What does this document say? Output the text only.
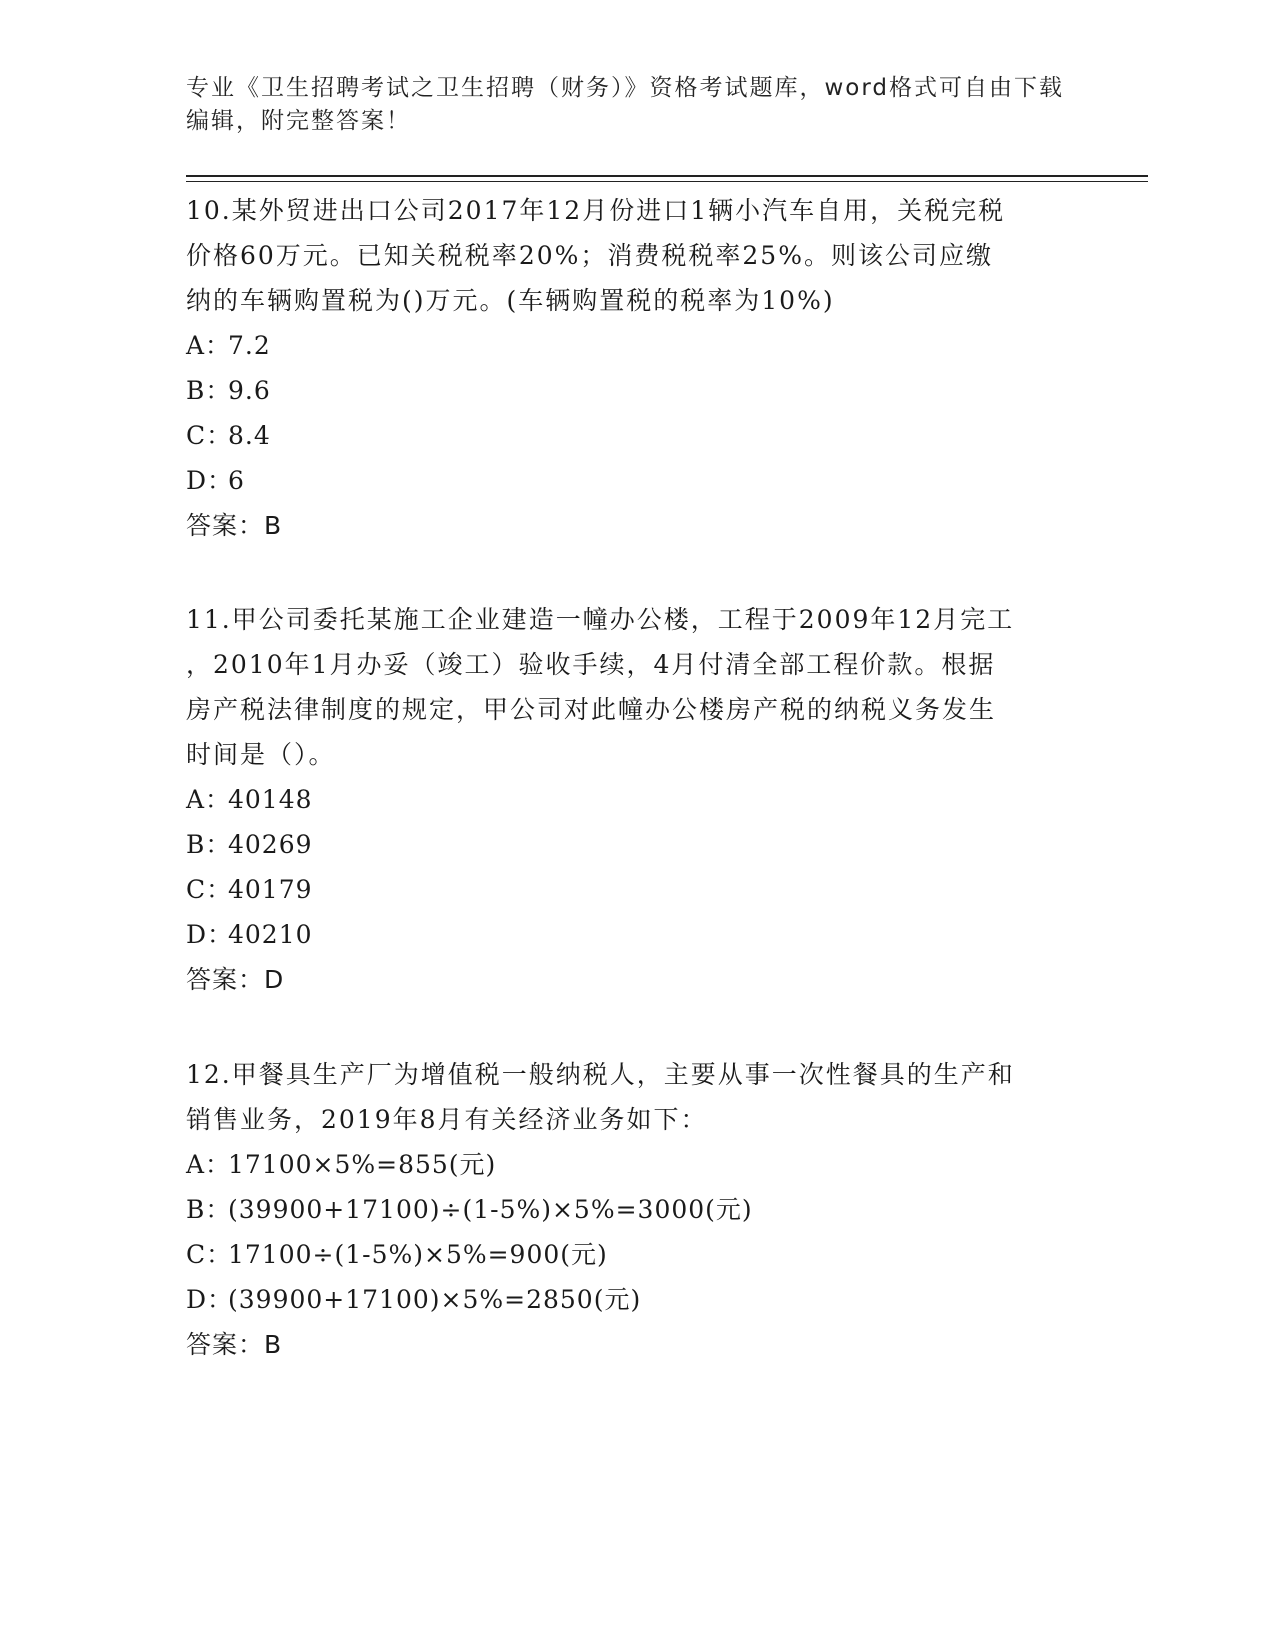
专业《卫生招聘考试之卫生招聘（财务）》资格考试题库，word格式可自由下载
编辑，附完整答案！

10.某外贸进出口公司2017年12月份进口1辆小汽车自用，关税完税

价格60万元。已知关税税率20%；消费税税率25%。则该公司应缴

纳的车辆购置税为()万元。(车辆购置税的税率为10%)

A：7.2

B：9.6

C：8.4

D：6

答案：B

11.甲公司委托某施工企业建造一幢办公楼，工程于2009年12月完工

，2010年1月办妥（竣工）验收手续，4月付清全部工程价款。根据

房产税法律制度的规定，甲公司对此幢办公楼房产税的纳税义务发生

时间是（）。

A：40148

B：40269

C：40179

D：40210

答案：D

12.甲餐具生产厂为增值税一般纳税人，主要从事一次性餐具的生产和

销售业务，2019年8月有关经济业务如下：

A：17100×5%=855(元)

B：(39900+17100)÷(1-5%)×5%=3000(元)

C：17100÷(1-5%)×5%=900(元)

D：(39900+17100)×5%=2850(元)

答案：B
